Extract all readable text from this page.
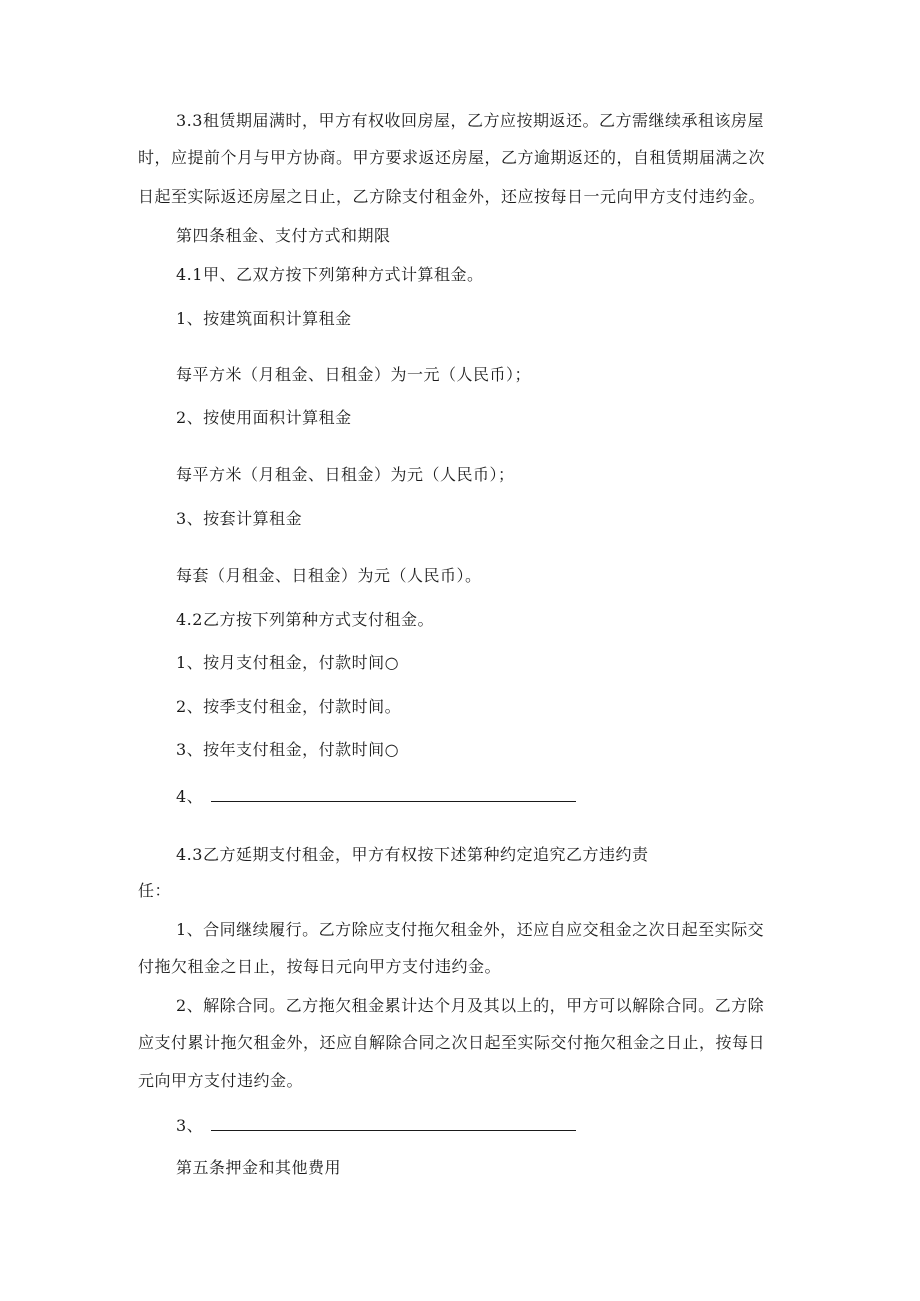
3.3租赁期届满时，甲方有权收回房屋，乙方应按期返还。乙方需继续承租该房屋
时，应提前个月与甲方协商。甲方要求返还房屋，乙方逾期返还的，自租赁期届满之次
日起至实际返还房屋之日止，乙方除支付租金外，还应按每日一元向甲方支付违约金。
第四条租金、支付方式和期限
4.1甲、乙双方按下列第种方式计算租金。
1、按建筑面积计算租金
每平方米（月租金、日租金）为一元（人民币）；
2、按使用面积计算租金
每平方米（月租金、日租金）为元（人民币）；
3、按套计算租金
每套（月租金、日租金）为元（人民币）。
4.2乙方按下列第种方式支付租金。
1、按月支付租金，付款时间○
2、按季支付租金，付款时间。
3、按年支付租金，付款时间○
4、
4.3乙方延期支付租金，甲方有权按下述第种约定追究乙方违约责
任：
1、合同继续履行。乙方除应支付拖欠租金外，还应自应交租金之次日起至实际交
付拖欠租金之日止，按每日元向甲方支付违约金。
2、解除合同。乙方拖欠租金累计达个月及其以上的，甲方可以解除合同。乙方除
应支付累计拖欠租金外，还应自解除合同之次日起至实际交付拖欠租金之日止，按每日
元向甲方支付违约金。
3、
第五条押金和其他费用
